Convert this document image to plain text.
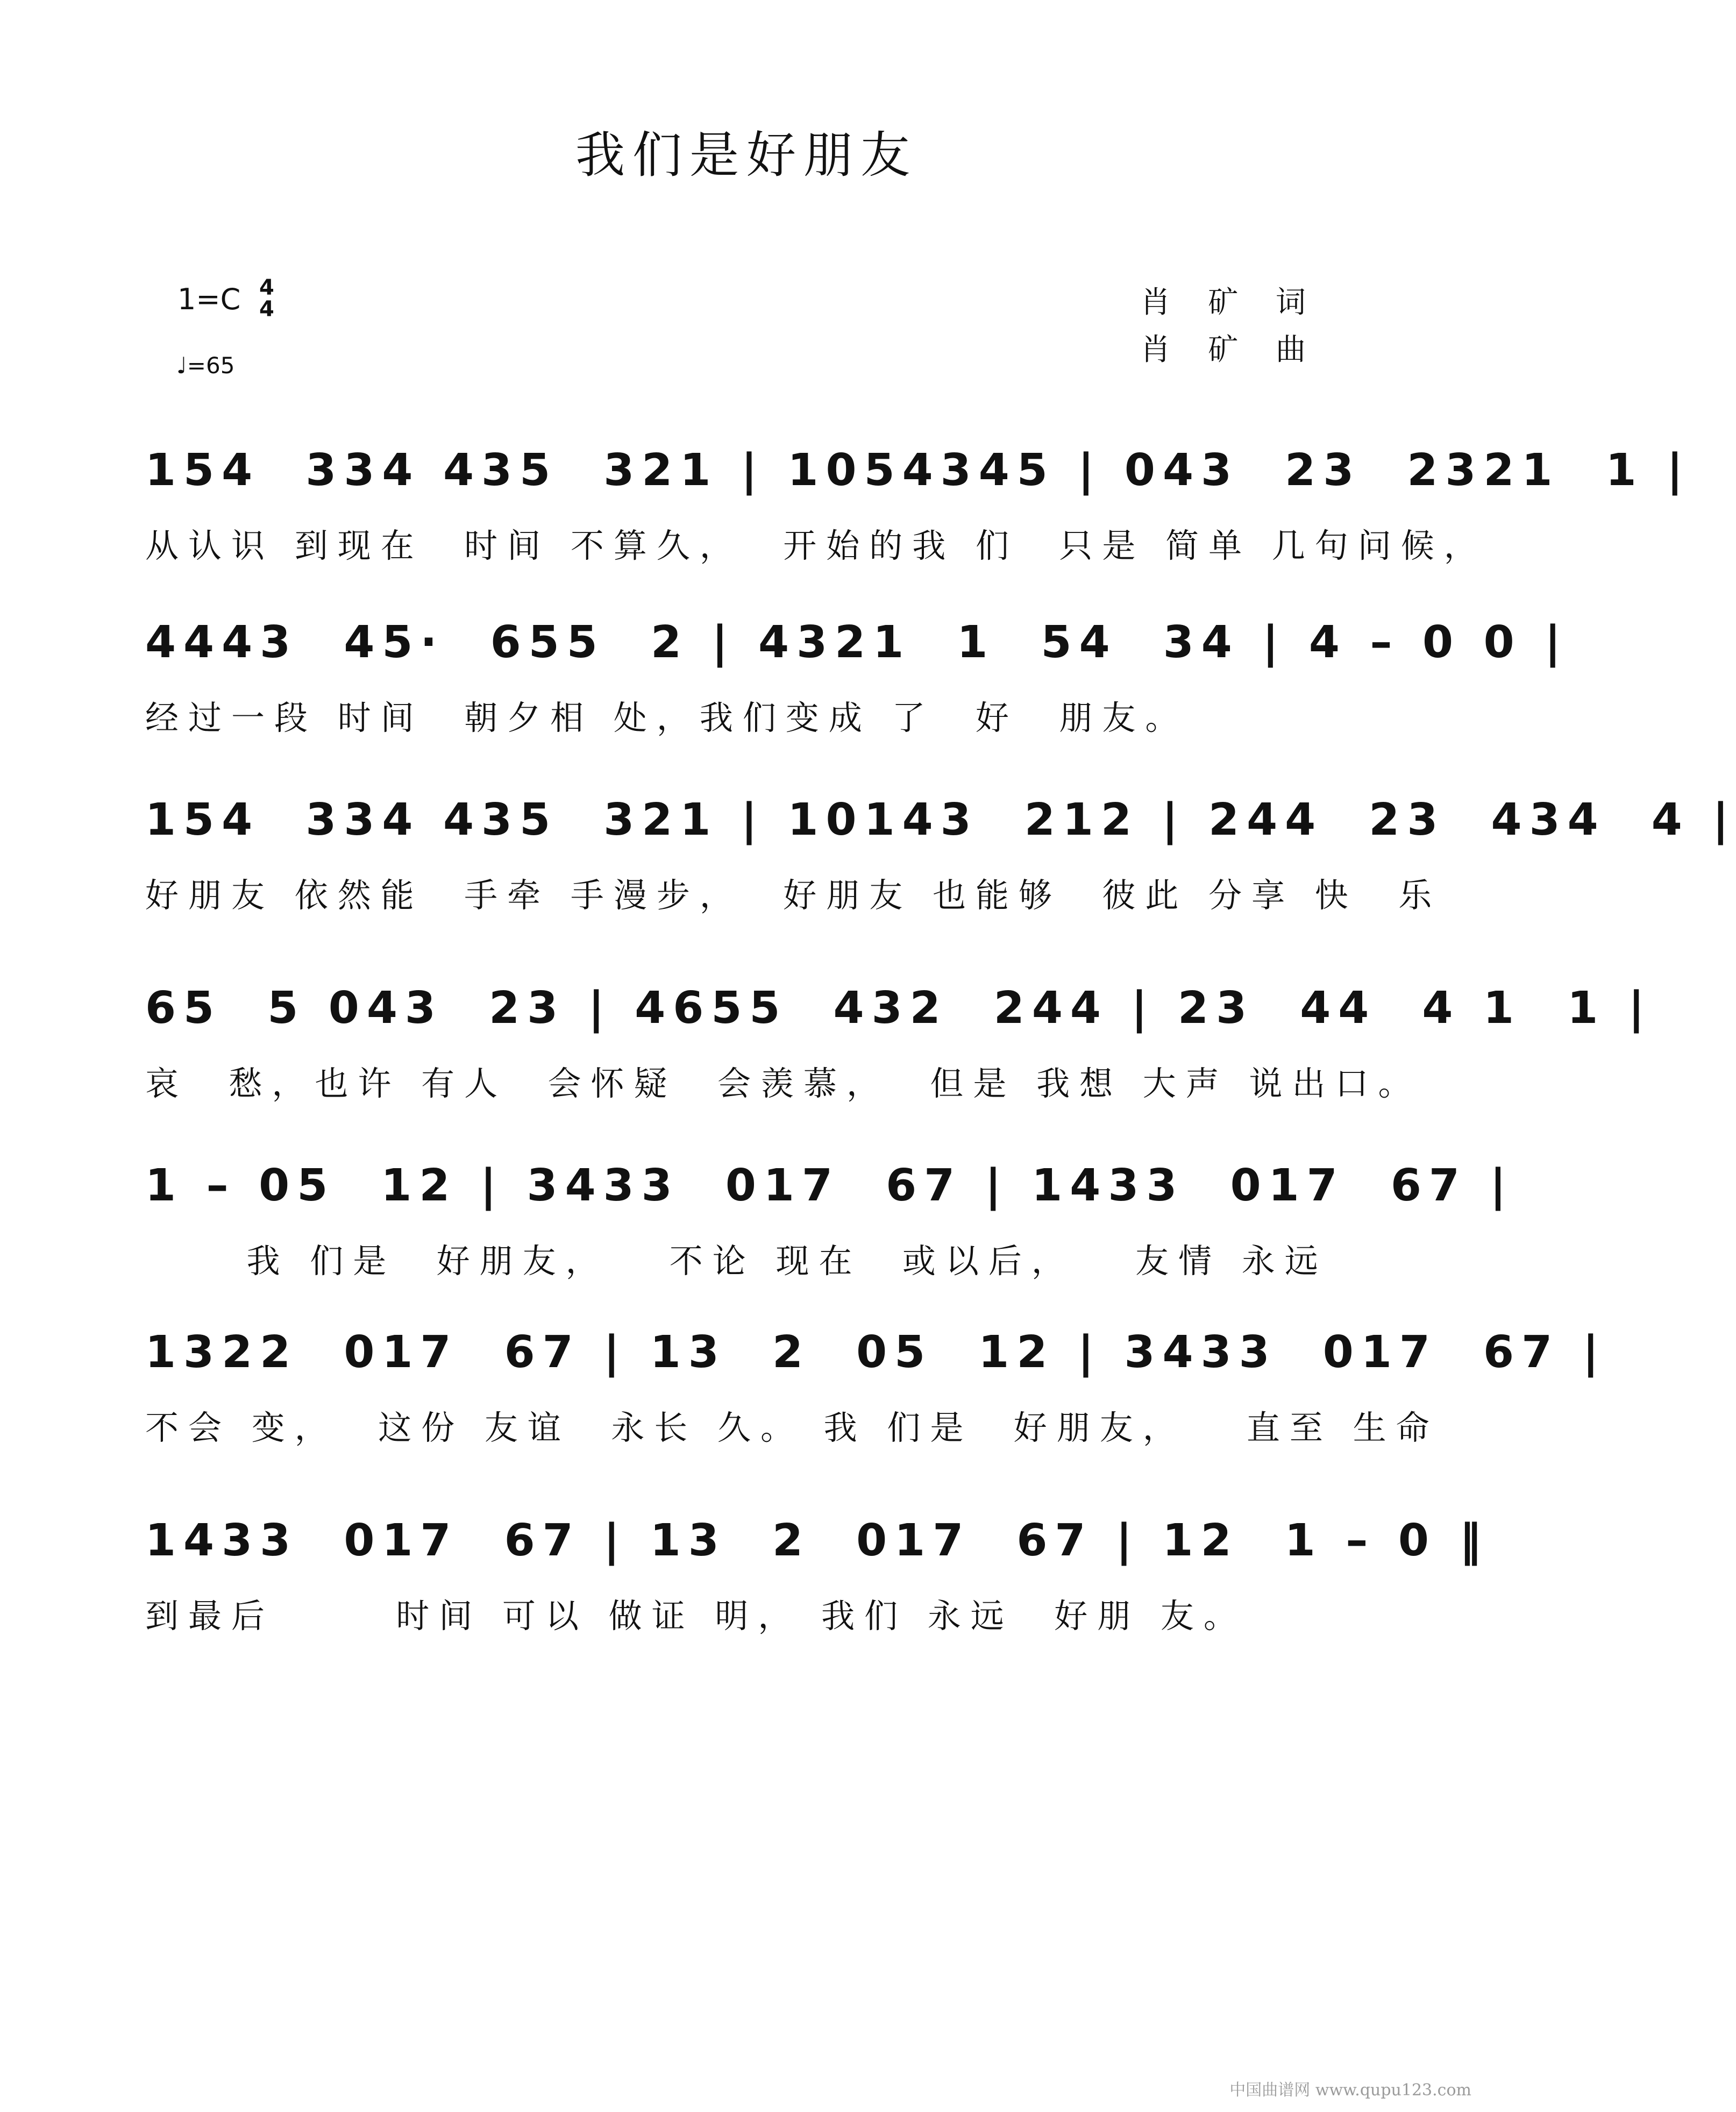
我们是好朋友
1=C 4
4
♩=65
肖 矿 词
肖 矿 曲
154  334 435  321 | 1054345 | 043  23  2321  1 |
从认识 到现在  时间 不算久，  开始的我 们  只是 简单 几句问候，
4443  45·  655  2 | 4321  1  54  34 | 4 – 0 0 |
经过一段 时间  朝夕相 处，我们变成 了  好  朋友。
154  334 435  321 | 10143  212 | 244  23  434  4 |
好朋友 依然能  手牵 手漫步，  好朋友 也能够  彼此 分享 快  乐
65  5 043  23 | 4655  432  244 | 23  44  4 1  1 |
哀  愁，也许 有人  会怀疑  会羡慕，  但是 我想 大声 说出口。
1 – 05  12 | 3433  017  67 | 1433  017  67 |
我 们是  好朋友，   不论 现在  或以后，   友情 永远
1322  017  67 | 13  2  05  12 | 3433  017  67 |
不会 变，  这份 友谊  永长 久。 我 们是  好朋友，   直至 生命
1433  017  67 | 13  2  017  67 | 12  1 – 0 ‖
到最后      时间 可以 做证 明， 我们 永远  好朋 友。
中国曲谱网 www.qupu123.com
